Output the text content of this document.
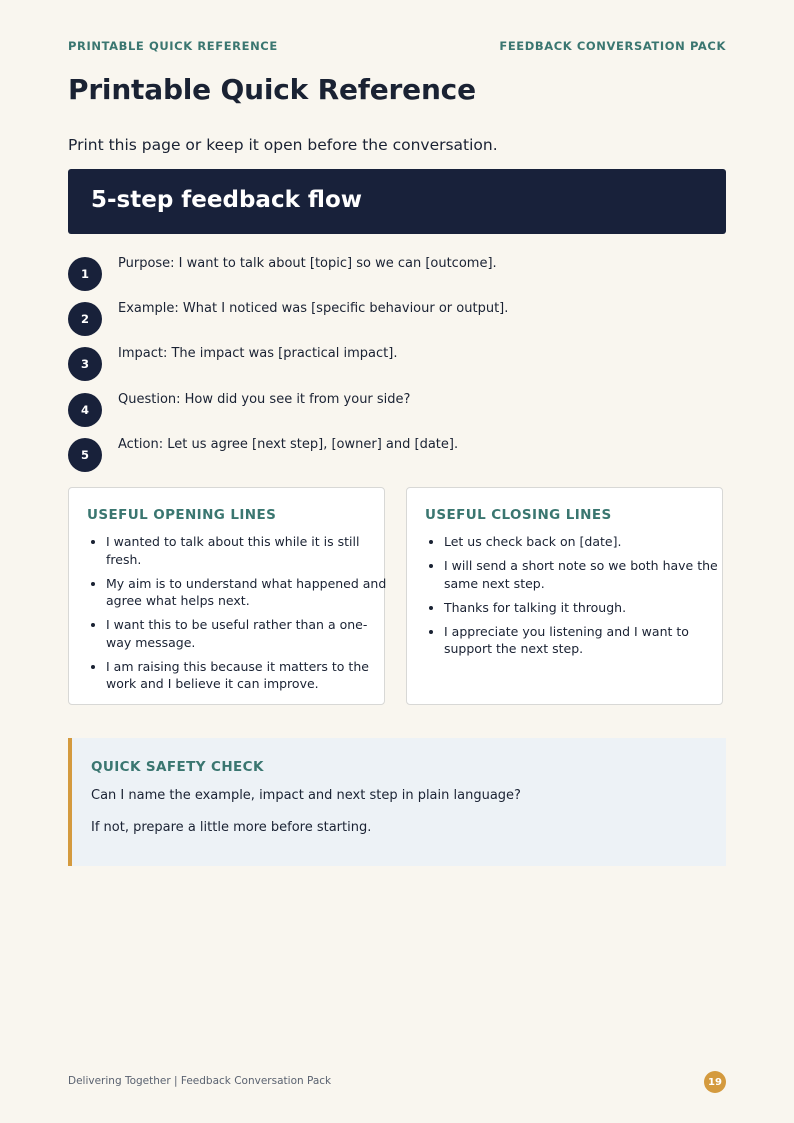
PRINTABLE QUICK REFERENCE	FEEDBACK CONVERSATION PACK
Printable Quick Reference
Print this page or keep it open before the conversation.
5-step feedback flow
1
Purpose: I want to talk about [topic] so we can [outcome].
2
Example: What I noticed was [specific behaviour or output].
3
Impact: The impact was [practical impact].
4
Question: How did you see it from your side?
5
Action: Let us agree [next step], [owner] and [date].
USEFUL OPENING LINES
• I wanted to talk about this while it is still fresh.
• My aim is to understand what happened and agree what helps next.
• I want this to be useful rather than a one-way message.
• I am raising this because it matters to the work and I believe it can improve.
USEFUL CLOSING LINES
• Let us check back on [date].
• I will send a short note so we both have the same next step.
• Thanks for talking it through.
• I appreciate you listening and I want to support the next step.
QUICK SAFETY CHECK

Can I name the example, impact and next step in plain language?

If not, prepare a little more before starting.

Delivering Together | Feedback Conversation Pack	19
